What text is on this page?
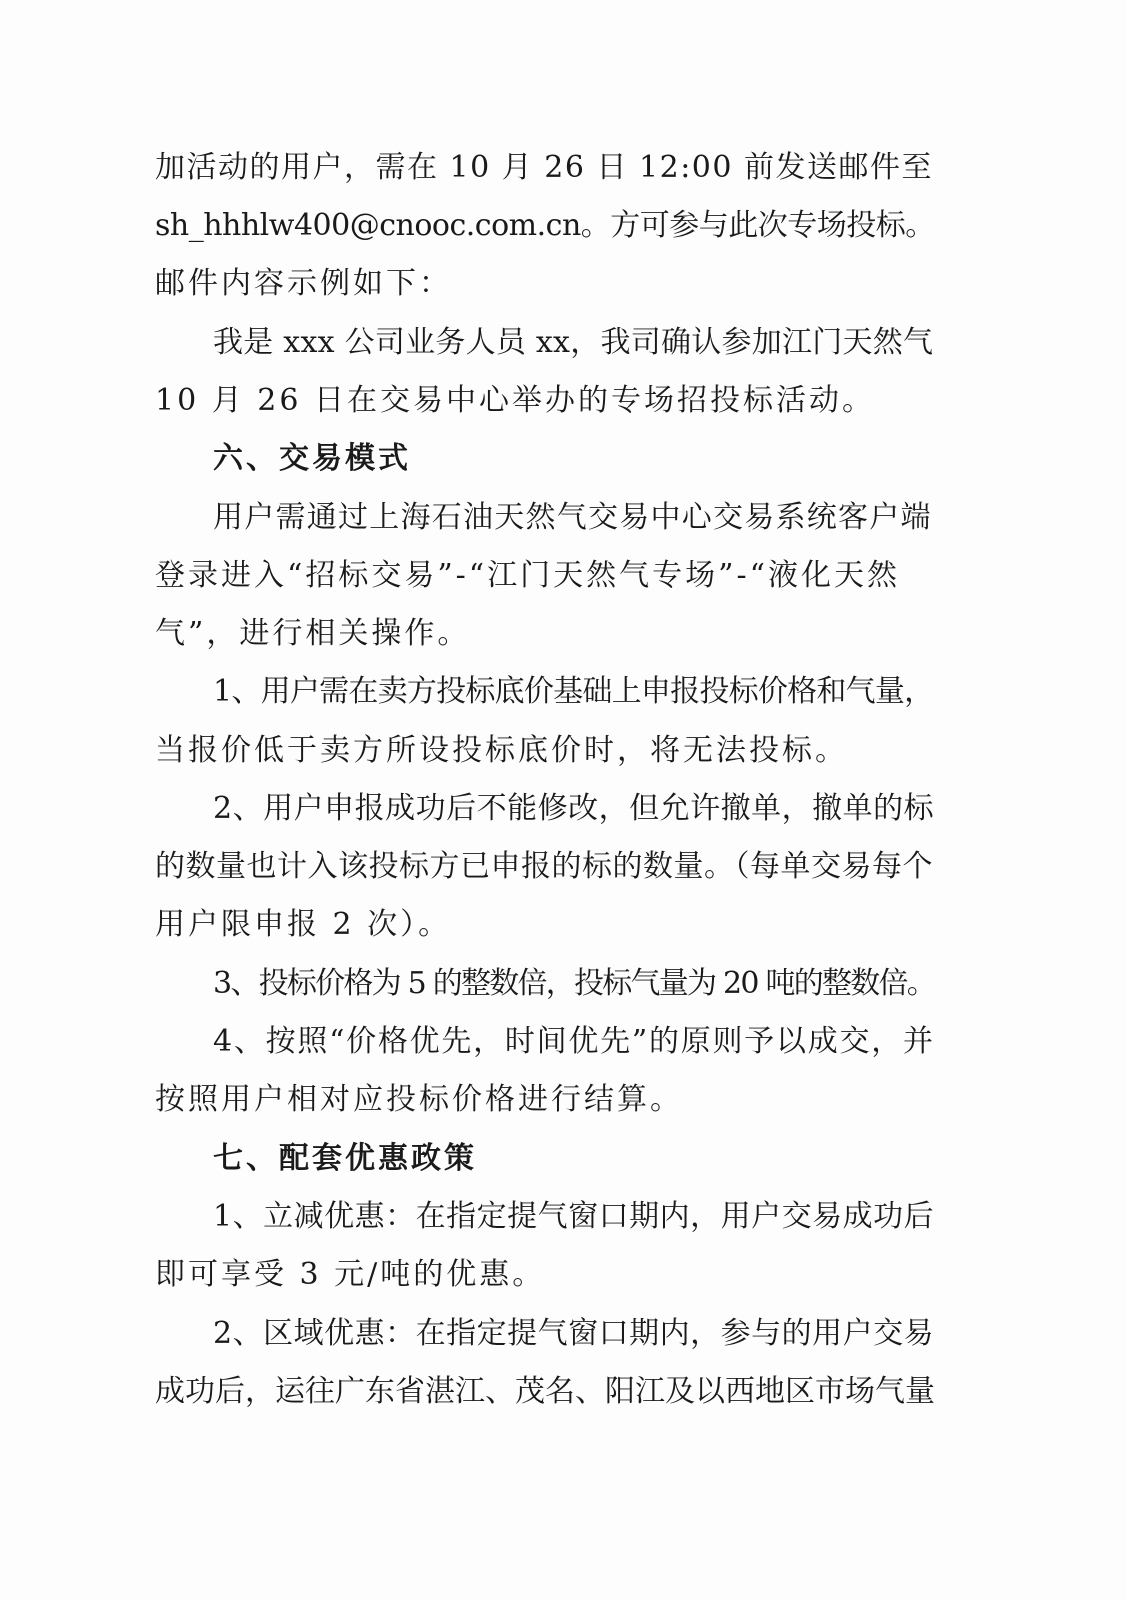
加活动的用户，需在 10 月 26 日 12:00 前发送邮件至
sh_hhhlw400@cnooc.com.cn。方可参与此次专场投标。
邮件内容示例如下：
我是 xxx 公司业务人员 xx，我司确认参加江门天然气
10 月 26 日在交易中心举办的专场招投标活动。
六、交易模式
用户需通过上海石油天然气交易中心交易系统客户端
登录进入“招标交易”-“江门天然气专场”-“液化天然
气”，进行相关操作。
1、用户需在卖方投标底价基础上申报投标价格和气量，
当报价低于卖方所设投标底价时，将无法投标。
2、用户申报成功后不能修改，但允许撤单，撤单的标
的数量也计入该投标方已申报的标的数量。（每单交易每个
用户限申报 2 次）。
3、投标价格为 5 的整数倍，投标气量为 20 吨的整数倍。
4、按照“价格优先，时间优先”的原则予以成交，并
按照用户相对应投标价格进行结算。
七、配套优惠政策
1、立减优惠：在指定提气窗口期内，用户交易成功后
即可享受 3 元/吨的优惠。
2、区域优惠：在指定提气窗口期内，参与的用户交易
成功后，运往广东省湛江、茂名、阳江及以西地区市场气量
